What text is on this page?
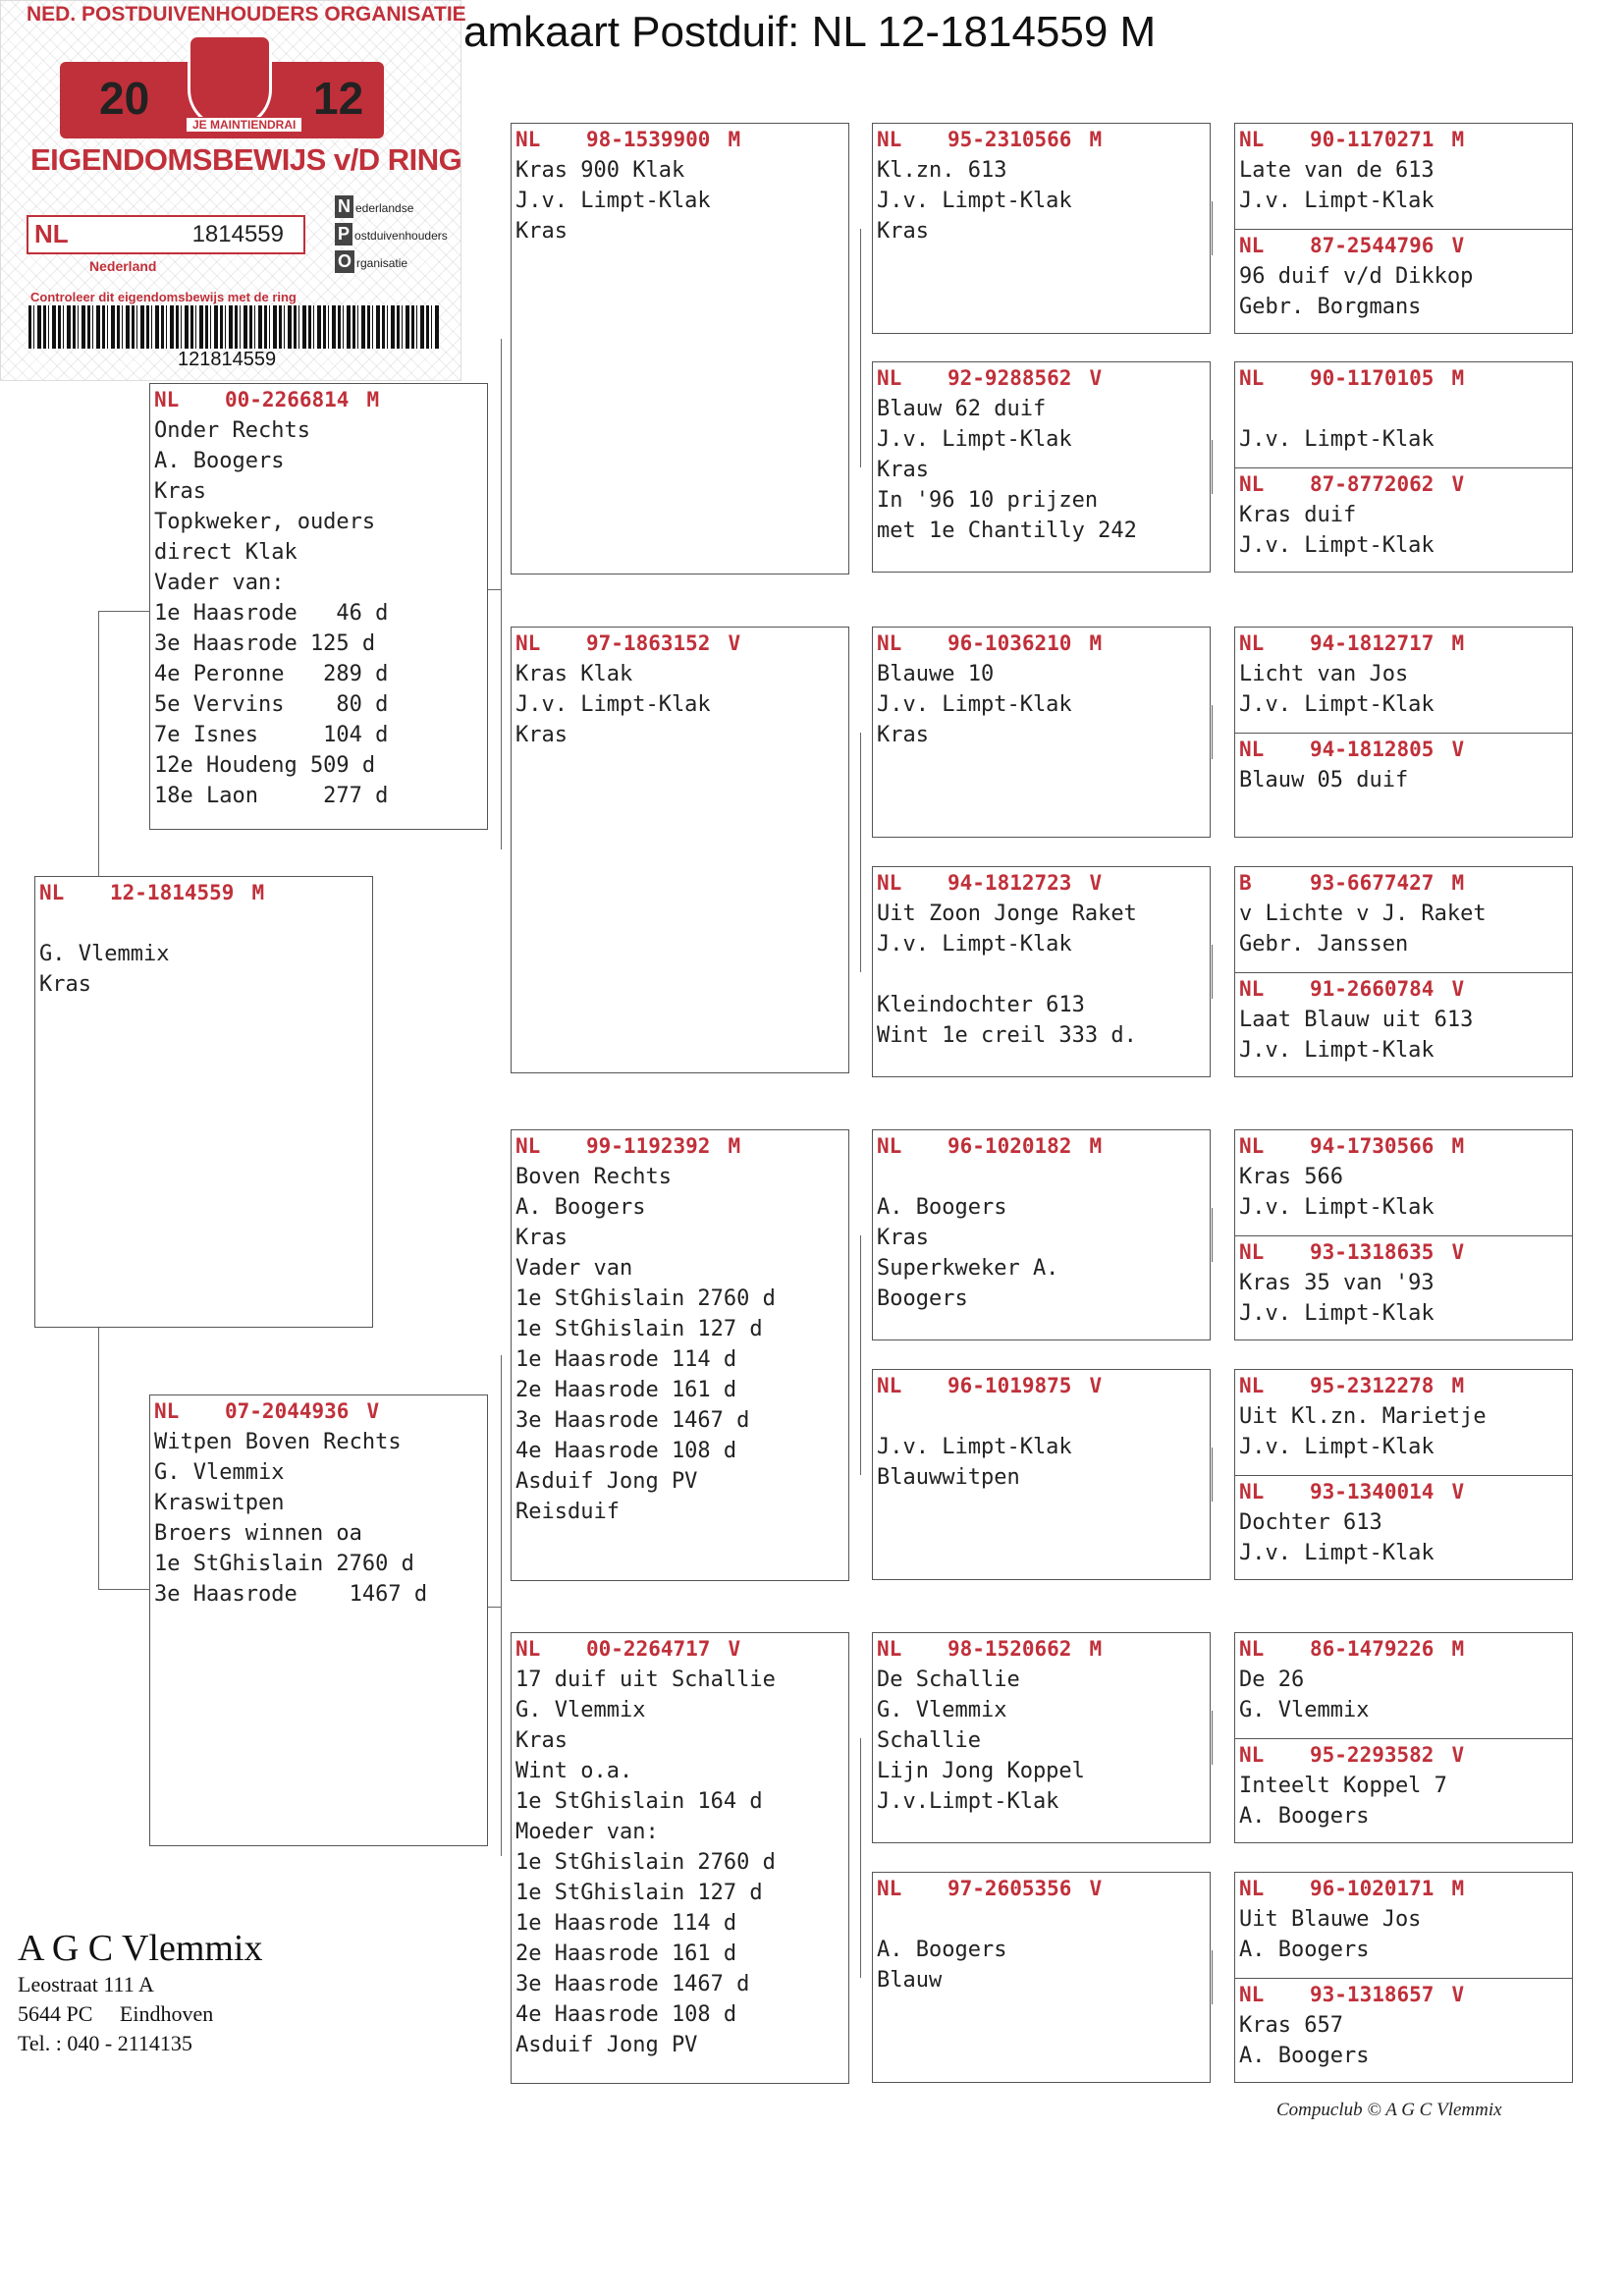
amkaart Postduif: NL 12-1814559 M
NED. POSTDUIVENHOUDERS ORGANISATIE
20	12
JE MAINTIENDRAI
EIGENDOMSBEWIJS v/D RING
NL	1814559
N ederlandse
P ostduivenhouders
O rganisatie
Nederland
Controleer dit eigendomsbewijs met de ring
121814559
NL 12-1814559 M
G. Vlemmix
Kras
NL 00-2266814 M
Onder Rechts
A. Boogers
Kras
Topkweker, ouders
direct Klak
Vader van:
1e Haasrode   46 d
3e Haasrode 125 d
4e Peronne   289 d
5e Vervins    80 d
7e Isnes     104 d
12e Houdeng 509 d
18e Laon     277 d
NL 07-2044936 V
Witpen Boven Rechts
G. Vlemmix
Kraswitpen
Broers winnen oa
1e StGhislain 2760 d
3e Haasrode    1467 d
NL 98-1539900 M
Kras 900 Klak
J.v. Limpt-Klak
Kras
NL 97-1863152 V
Kras Klak
J.v. Limpt-Klak
Kras
NL 99-1192392 M
Boven Rechts
A. Boogers
Kras
Vader van
1e StGhislain 2760 d
1e StGhislain 127 d
1e Haasrode 114 d
2e Haasrode 161 d
3e Haasrode 1467 d
4e Haasrode 108 d
Asduif Jong PV
Reisduif
NL 00-2264717 V
17 duif uit Schallie
G. Vlemmix
Kras
Wint o.a.
1e StGhislain 164 d
Moeder van:
1e StGhislain 2760 d
1e StGhislain 127 d
1e Haasrode 114 d
2e Haasrode 161 d
3e Haasrode 1467 d
4e Haasrode 108 d
Asduif Jong PV
NL 95-2310566 M
Kl.zn. 613
J.v. Limpt-Klak
Kras
NL 92-9288562 V
Blauw 62 duif
J.v. Limpt-Klak
Kras
In '96 10 prijzen
met 1e Chantilly 242
NL 96-1036210 M
Blauwe 10
J.v. Limpt-Klak
Kras
NL 94-1812723 V
Uit Zoon Jonge Raket
J.v. Limpt-Klak
Kleindochter 613
Wint 1e creil 333 d.
NL 96-1020182 M
A. Boogers
Kras
Superkweker A.
Boogers
NL 96-1019875 V
J.v. Limpt-Klak
Blauwwitpen
NL 98-1520662 M
De Schallie
G. Vlemmix
Schallie
Lijn Jong Koppel
J.v.Limpt-Klak
NL 97-2605356 V
A. Boogers
Blauw
NL 90-1170271 M
Late van de 613
J.v. Limpt-Klak
NL 87-2544796 V
96 duif v/d Dikkop
Gebr. Borgmans
NL 90-1170105 M
J.v. Limpt-Klak
NL 87-8772062 V
Kras duif
J.v. Limpt-Klak
NL 94-1812717 M
Licht van Jos
J.v. Limpt-Klak
NL 94-1812805 V
Blauw 05 duif
B	93-6677427 M
v Lichte v J. Raket
Gebr. Janssen
NL 91-2660784 V
Laat Blauw uit 613
J.v. Limpt-Klak
NL 94-1730566 M
Kras 566
J.v. Limpt-Klak
NL 93-1318635 V
Kras 35 van '93
J.v. Limpt-Klak
NL 95-2312278 M
Uit Kl.zn. Marietje
J.v. Limpt-Klak
NL 93-1340014 V
Dochter 613
J.v. Limpt-Klak
NL 86-1479226 M
De 26
G. Vlemmix
NL 95-2293582 V
Inteelt Koppel 7
A. Boogers
NL 96-1020171 M
Uit Blauwe Jos
A. Boogers
NL 93-1318657 V
Kras 657
A. Boogers
A G C Vlemmix
Leostraat 111 A
5644 PC     Eindhoven
Tel. : 040 - 2114135
Compuclub © A G C Vlemmix
